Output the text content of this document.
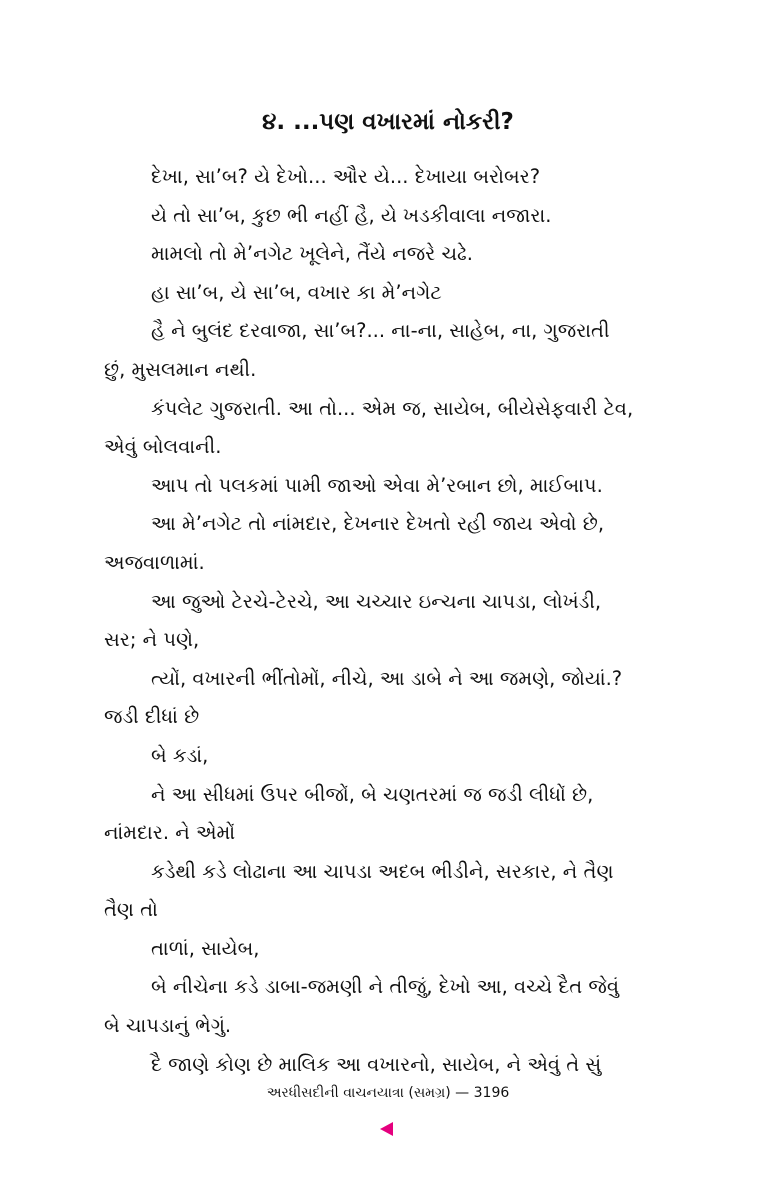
૪. ...પણ વખારમાં નોકરી?
દેખા, સા’બ? યે દેખો... ઔર યે... દેખાયા બરોબર?
યે તો સા’બ, કુછ ભી નહીં હૈ, યે ખડકીવાલા નજારા.
મામલો તો મે’નગેટ ખૂલેને, તૈંયે નજરે ચઢે.
હા સા’બ, યે સા’બ, વખાર કા મે’નગેટ
હૈ ને બુલંદ દરવાજા, સા’બ?... ના-ના, સાહેબ, ના, ગુજરાતી
છું, મુસલમાન નથી.
કંપલેટ ગુજરાતી. આ તો... એમ જ, સાયેબ, બીયેસેફવારી ટેવ,
એવું બોલવાની.
આપ તો પલકમાં પામી જાઓ એવા મે’રબાન છો, માઈબાપ.
આ મે’નગેટ તો નાંમદાર, દેખનાર દેખતો રહી જાય એવો છે,
અજવાળામાં.
આ જુઓ ટેરચે-ટેરચે, આ ચચ્ચાર ઇન્ચના ચાપડા, લોખંડી,
સર; ને પણે,
ત્યોં, વખારની ભીંતોમોં, નીચે, આ ડાબે ને આ જમણે, જોયાં.?
જડી દીધાં છે
બે કડાં,
ને આ સીધમાં ઉપર બીજોં, બે ચણતરમાં જ જડી લીધોં છે,
નાંમદાર. ને એમોં
કડેથી કડે લોઢાના આ ચાપડા અદબ ભીડીને, સરકાર, ને તૈણ
તૈણ તો
તાળાં, સાયેબ,
બે નીચેના કડે ડાબા-જમણી ને તીજું, દેખો આ, વચ્ચે દૈત જેવું
બે ચાપડાનું ભેગું.
દૈ જાણે કોણ છે માલિક આ વખારનો, સાયેબ, ને એવું તે સું
અરધીસદીની વાચનયાત્રા (સમગ્ર) — 3196
